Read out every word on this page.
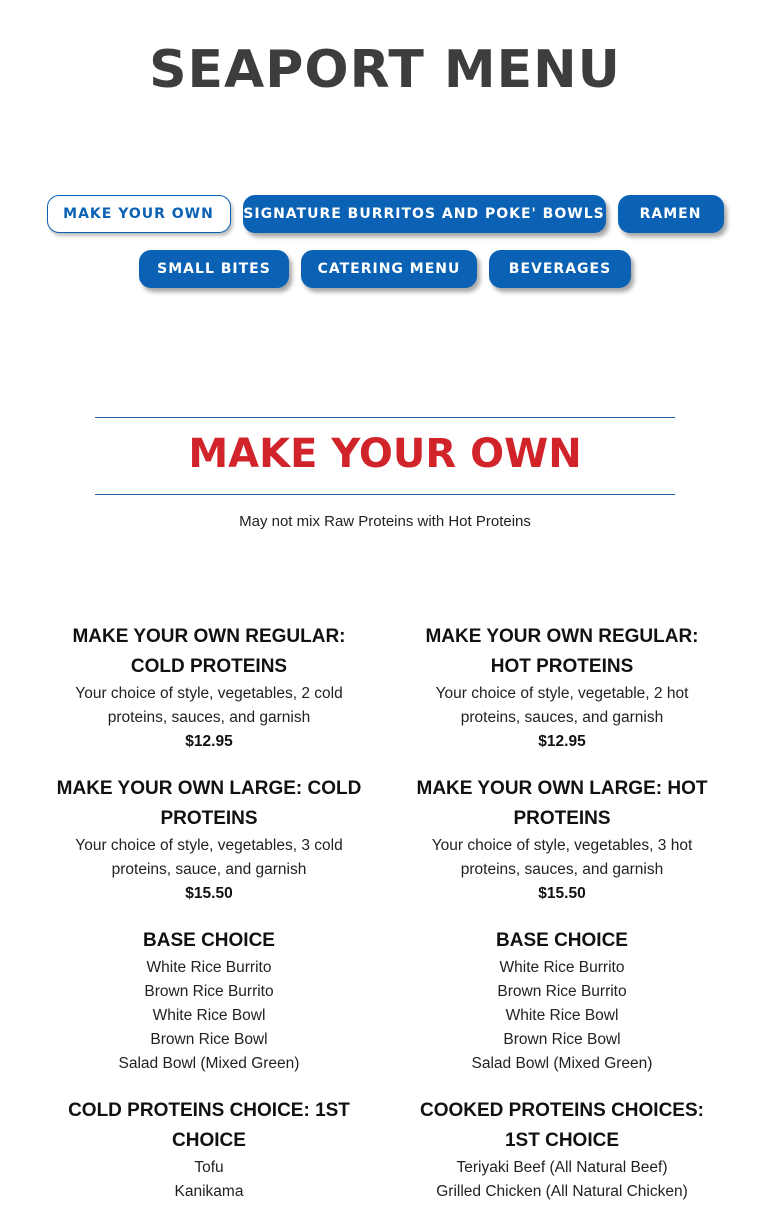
SEAPORT MENU
MAKE YOUR OWN	SIGNATURE BURRITOS AND POKE' BOWLS	RAMEN
SMALL BITES	CATERING MENU	BEVERAGES
MAKE YOUR OWN

May not mix Raw Proteins with Hot Proteins

MAKE YOUR OWN REGULAR: COLD PROTEINS
Your choice of style, vegetables, 2 cold proteins, sauces, and garnish
$12.95
MAKE YOUR OWN LARGE: COLD PROTEINS
Your choice of style, vegetables, 3 cold proteins, sauce, and garnish
$15.50
BASE CHOICE
White Rice Burrito
Brown Rice Burrito
White Rice Bowl
Brown Rice Bowl
Salad Bowl (Mixed Green)
COLD PROTEINS CHOICE: 1ST CHOICE
Tofu
Kanikama
MAKE YOUR OWN REGULAR: HOT PROTEINS
Your choice of style, vegetable, 2 hot proteins, sauces, and garnish
$12.95
MAKE YOUR OWN LARGE: HOT PROTEINS
Your choice of style, vegetables, 3 hot proteins, sauces, and garnish
$15.50
BASE CHOICE
White Rice Burrito
Brown Rice Burrito
White Rice Bowl
Brown Rice Bowl
Salad Bowl (Mixed Green)
COOKED PROTEINS CHOICES: 1ST CHOICE
Teriyaki Beef (All Natural Beef)
Grilled Chicken (All Natural Chicken)
